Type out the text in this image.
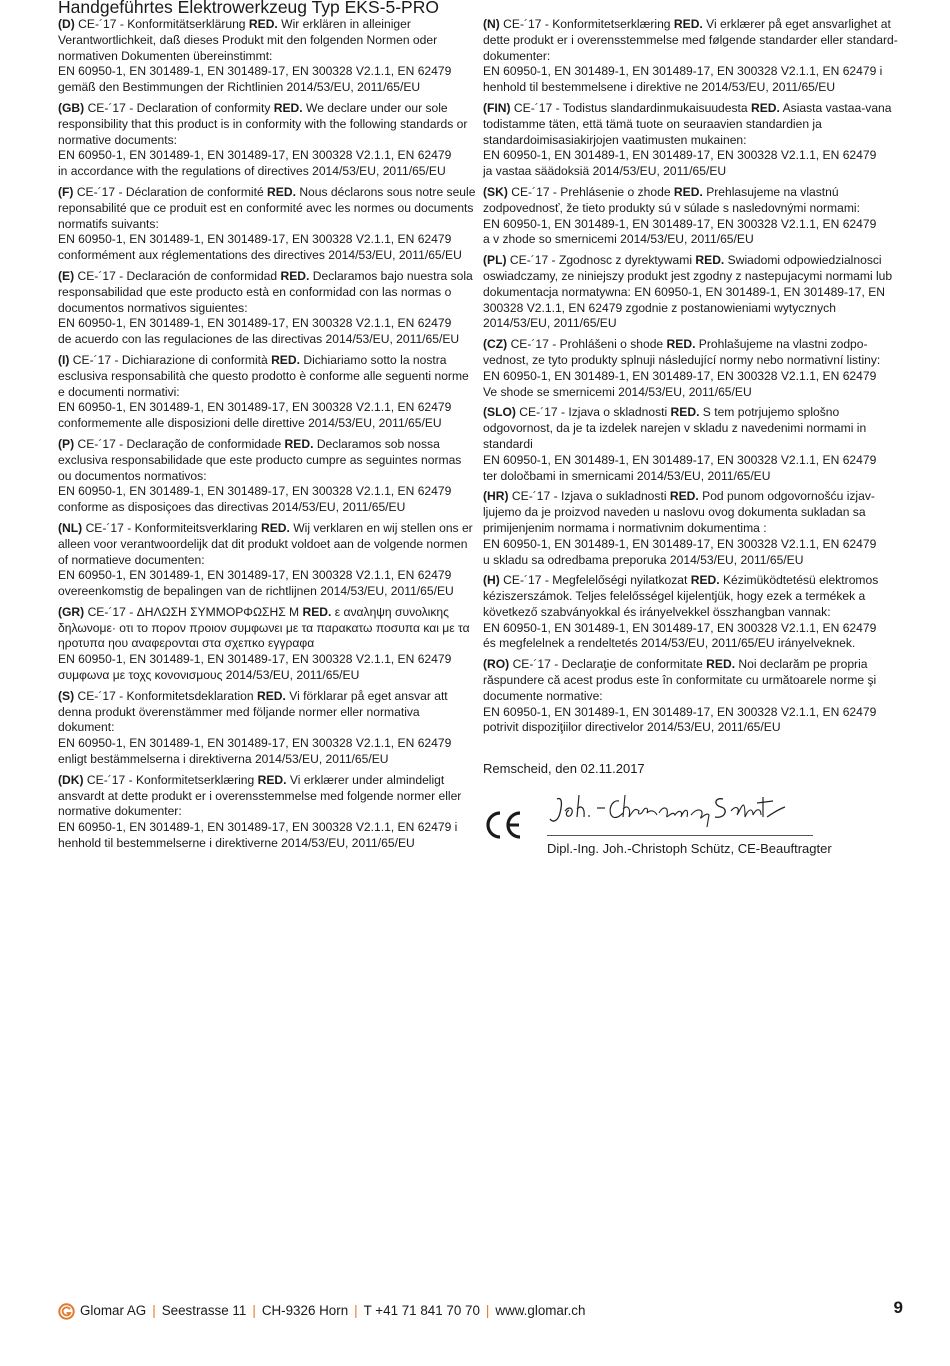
Handgeführtes Elektrowerkzeug Typ EKS-5-PRO
(D) CE-´17 - Konformitätserklärung RED. Wir erklären in alleiniger Verantwortlichkeit, daß dieses Produkt mit den folgenden Normen oder normativen Dokumenten übereinstimmt:
EN 60950-1, EN 301489-1, EN 301489-17, EN 300328 V2.1.1, EN 62479
gemäß den Bestimmungen der Richtlinien 2014/53/EU, 2011/65/EU
(GB) CE-´17 - Declaration of conformity RED. We declare under our sole responsibility that this product is in conformity with the following standards or normative documents:
EN 60950-1, EN 301489-1, EN 301489-17, EN 300328 V2.1.1, EN 62479
in accordance with the regulations of directives 2014/53/EU, 2011/65/EU
(F) CE-´17 - Déclaration de conformité RED. Nous déclarons sous notre seule reponsabilité que ce produit est en conformité avec les normes ou documents normatifs suivants:
EN 60950-1, EN 301489-1, EN 301489-17, EN 300328 V2.1.1, EN 62479
conformément aux réglementations des directives 2014/53/EU, 2011/65/EU
(E) CE-´17 - Declaración de conformidad RED. Declaramos bajo nuestra sola responsabilidad que este producto està en conformidad con las normas o documentos normativos siguientes:
EN 60950-1, EN 301489-1, EN 301489-17, EN 300328 V2.1.1, EN 62479
de acuerdo con las regulaciones de las directivas 2014/53/EU, 2011/65/EU
(I) CE-´17 - Dichiarazione di conformità RED. Dichiariamo sotto la nostra esclusiva responsabilità che questo prodotto è conforme alle seguenti norme e documenti normativi:
EN 60950-1, EN 301489-1, EN 301489-17, EN 300328 V2.1.1, EN 62479
conformemente alle disposizioni delle direttive 2014/53/EU, 2011/65/EU
(P) CE-´17 - Declaração de conformidade RED. Declaramos sob nossa exclusiva responsabilidade que este producto cumpre as seguintes normas ou documentos normativos:
EN 60950-1, EN 301489-1, EN 301489-17, EN 300328 V2.1.1, EN 62479
conforme as disposiçoes das directivas 2014/53/EU, 2011/65/EU
(NL) CE-´17 - Konformiteitsverklaring RED. Wij verklaren en wij stellen ons er alleen voor verantwoordelijk dat dit produkt voldoet aan de volgende normen of normatieve documenten:
EN 60950-1, EN 301489-1, EN 301489-17, EN 300328 V2.1.1, EN 62479
overeenkomstig de bepalingen van de richtlijnen 2014/53/EU, 2011/65/EU
(GR) CE-´17 - ΔΗΛΩΣΗ ΣΥΜΜΟΡΦΩΣΗΣ Μ RED. ε αναληψη συνολικης δηλωνομε· οτι το πορον προιον συμφωνει με τα παρακατω ποσυπα και με τα ηροτυπα ηου αναφερονται στα σχεπκο εγγραφα
EN 60950-1, EN 301489-1, EN 301489-17, EN 300328 V2.1.1, EN 62479
συμφωνα με τοχς κονονισμους 2014/53/EU, 2011/65/EU
(S) CE-´17 - Konformitetsdeklaration RED. Vi förklarar på eget ansvar att denna produkt överenstämmer med följande normer eller normativa dokument:
EN 60950-1, EN 301489-1, EN 301489-17, EN 300328 V2.1.1, EN 62479
enligt bestämmelserna i direktiverna 2014/53/EU, 2011/65/EU
(DK) CE-´17 - Konformitetserklæring RED. Vi erklærer under almindeligt ansvardt at dette produkt er i overensstemmelse med folgende normer eller normative dokumenter:
EN 60950-1, EN 301489-1, EN 301489-17, EN 300328 V2.1.1, EN 62479 i
henhold til bestemmelserne i direktiverne 2014/53/EU, 2011/65/EU
(N) CE-´17 - Konformitetserklæring RED. Vi erklærer på eget ansvarlighet at dette produkt er i overensstemmelse med følgende standarder eller standard-dokumenter:
EN 60950-1, EN 301489-1, EN 301489-17, EN 300328 V2.1.1, EN 62479 i
henhold til bestemmelsene i direktive ne 2014/53/EU, 2011/65/EU
(FIN) CE-´17 - Todistus slandardinmukaisuudesta RED. Asiasta vastaa-vana todistamme täten, että tämä tuote on seuraavien standardien ja standardoimisasiakirjojen vaatimusten mukainen:
EN 60950-1, EN 301489-1, EN 301489-17, EN 300328 V2.1.1, EN 62479
ja vastaa säädoksiä 2014/53/EU, 2011/65/EU
(SK) CE-´17 - Prehlásenie o zhode RED. Prehlasujeme na vlastnú zodpovednosť, že tieto produkty sú v súlade s nasledovnými normami:
EN 60950-1, EN 301489-1, EN 301489-17, EN 300328 V2.1.1, EN 62479
a v zhode so smernicemi 2014/53/EU, 2011/65/EU
(PL) CE-´17 - Zgodnosc z dyrektywami RED. Swiadomi odpowiedzialnosci oswiadczamy, ze niniejszy produkt jest zgodny z nastepujacymi normami lub dokumentacja normatywna: EN 60950-1, EN 301489-1, EN 301489-17, EN 300328 V2.1.1, EN 62479 zgodnie z postanowieniami wytycznych
2014/53/EU, 2011/65/EU
(CZ) CE-´17 - Prohlášeni o shode RED. Prohlašujeme na vlastni zodpo-vednost, ze tyto produkty splnuji následující normy nebo normativní listiny:
EN 60950-1, EN 301489-1, EN 301489-17, EN 300328 V2.1.1, EN 62479
Ve shode se smernicemi 2014/53/EU, 2011/65/EU
(SLO) CE-´17 - Izjava o skladnosti RED. S tem potrjujemo splošno odgovornost, da je ta izdelek narejen v skladu z navedenimi normami in standardi
EN 60950-1, EN 301489-1, EN 301489-17, EN 300328 V2.1.1, EN 62479
ter določbami in smernicami 2014/53/EU, 2011/65/EU
(HR) CE-´17 - Izjava o sukladnosti RED. Pod punom odgovornošću izjav-ljujemo da je proizvod naveden u naslovu ovog dokumenta sukladan sa primijenjenim normama i normativnim dokumentima :
EN 60950-1, EN 301489-1, EN 301489-17, EN 300328 V2.1.1, EN 62479
u skladu sa odredbama preporuka 2014/53/EU, 2011/65/EU
(H) CE-´17 - Megfelelőségi nyilatkozat RED. Kézimüködtetésü elektromos kéziszerszámok. Teljes felelősségel kijelentjük, hogy ezek a termékek a következő szabványokkal és irányelvekkel összhangban vannak:
EN 60950-1, EN 301489-1, EN 301489-17, EN 300328 V2.1.1, EN 62479
és megfelelnek a rendeltetés 2014/53/EU, 2011/65/EU irányelveknek.
(RO) CE-´17 - Declaraţie de conformitate RED. Noi declarăm pe propria răspundere că acest produs este în conformitate cu următoarele norme şi documente normative:
EN 60950-1, EN 301489-1, EN 301489-17, EN 300328 V2.1.1, EN 62479
potrivit dispoziţiilor directivelor 2014/53/EU, 2011/65/EU
Remscheid, den 02.11.2017
Dipl.-Ing. Joh.-Christoph Schütz, CE-Beauftragter
Glomar AG | Seestrasse 11 | CH-9326 Horn | T +41 71 841 70 70 | www.glomar.ch	9
